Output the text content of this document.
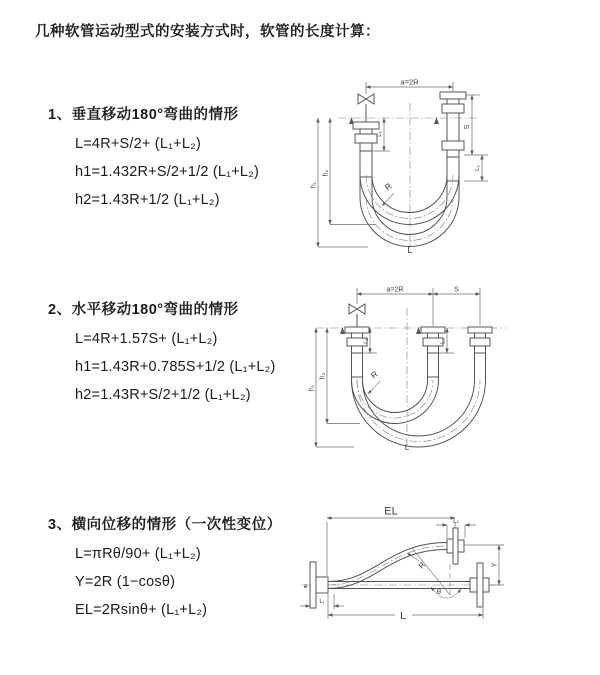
几种软管运动型式的安装方式时，软管的长度计算：
1、垂直移动180°弯曲的情形
L=4R+S/2+ (L₁+L₂)
h1=1.432R+S/2+1/2 (L₁+L₂)
h2=1.43R+1/2 (L₁+L₂)
2、水平移动180°弯曲的情形
L=4R+1.57S+ (L₁+L₂)
h1=1.43R+0.785S+1/2 (L₁+L₂)
h2=1.43R+S/2+1/2 (L₁+L₂)
3、横向位移的情形（一次性变位）
L=πRθ/90+ (L₁+L₂)
Y=2R (1−cosθ)
EL=2Rsinθ+ (L₁+L₂)
a=2R
S
L₂
L₁
h₁
h₂
R
L
a=2R	S
L₁	L₂
h₁
h₂	R
L
EL
L₂
Y
R
θ
L
L₁
z
